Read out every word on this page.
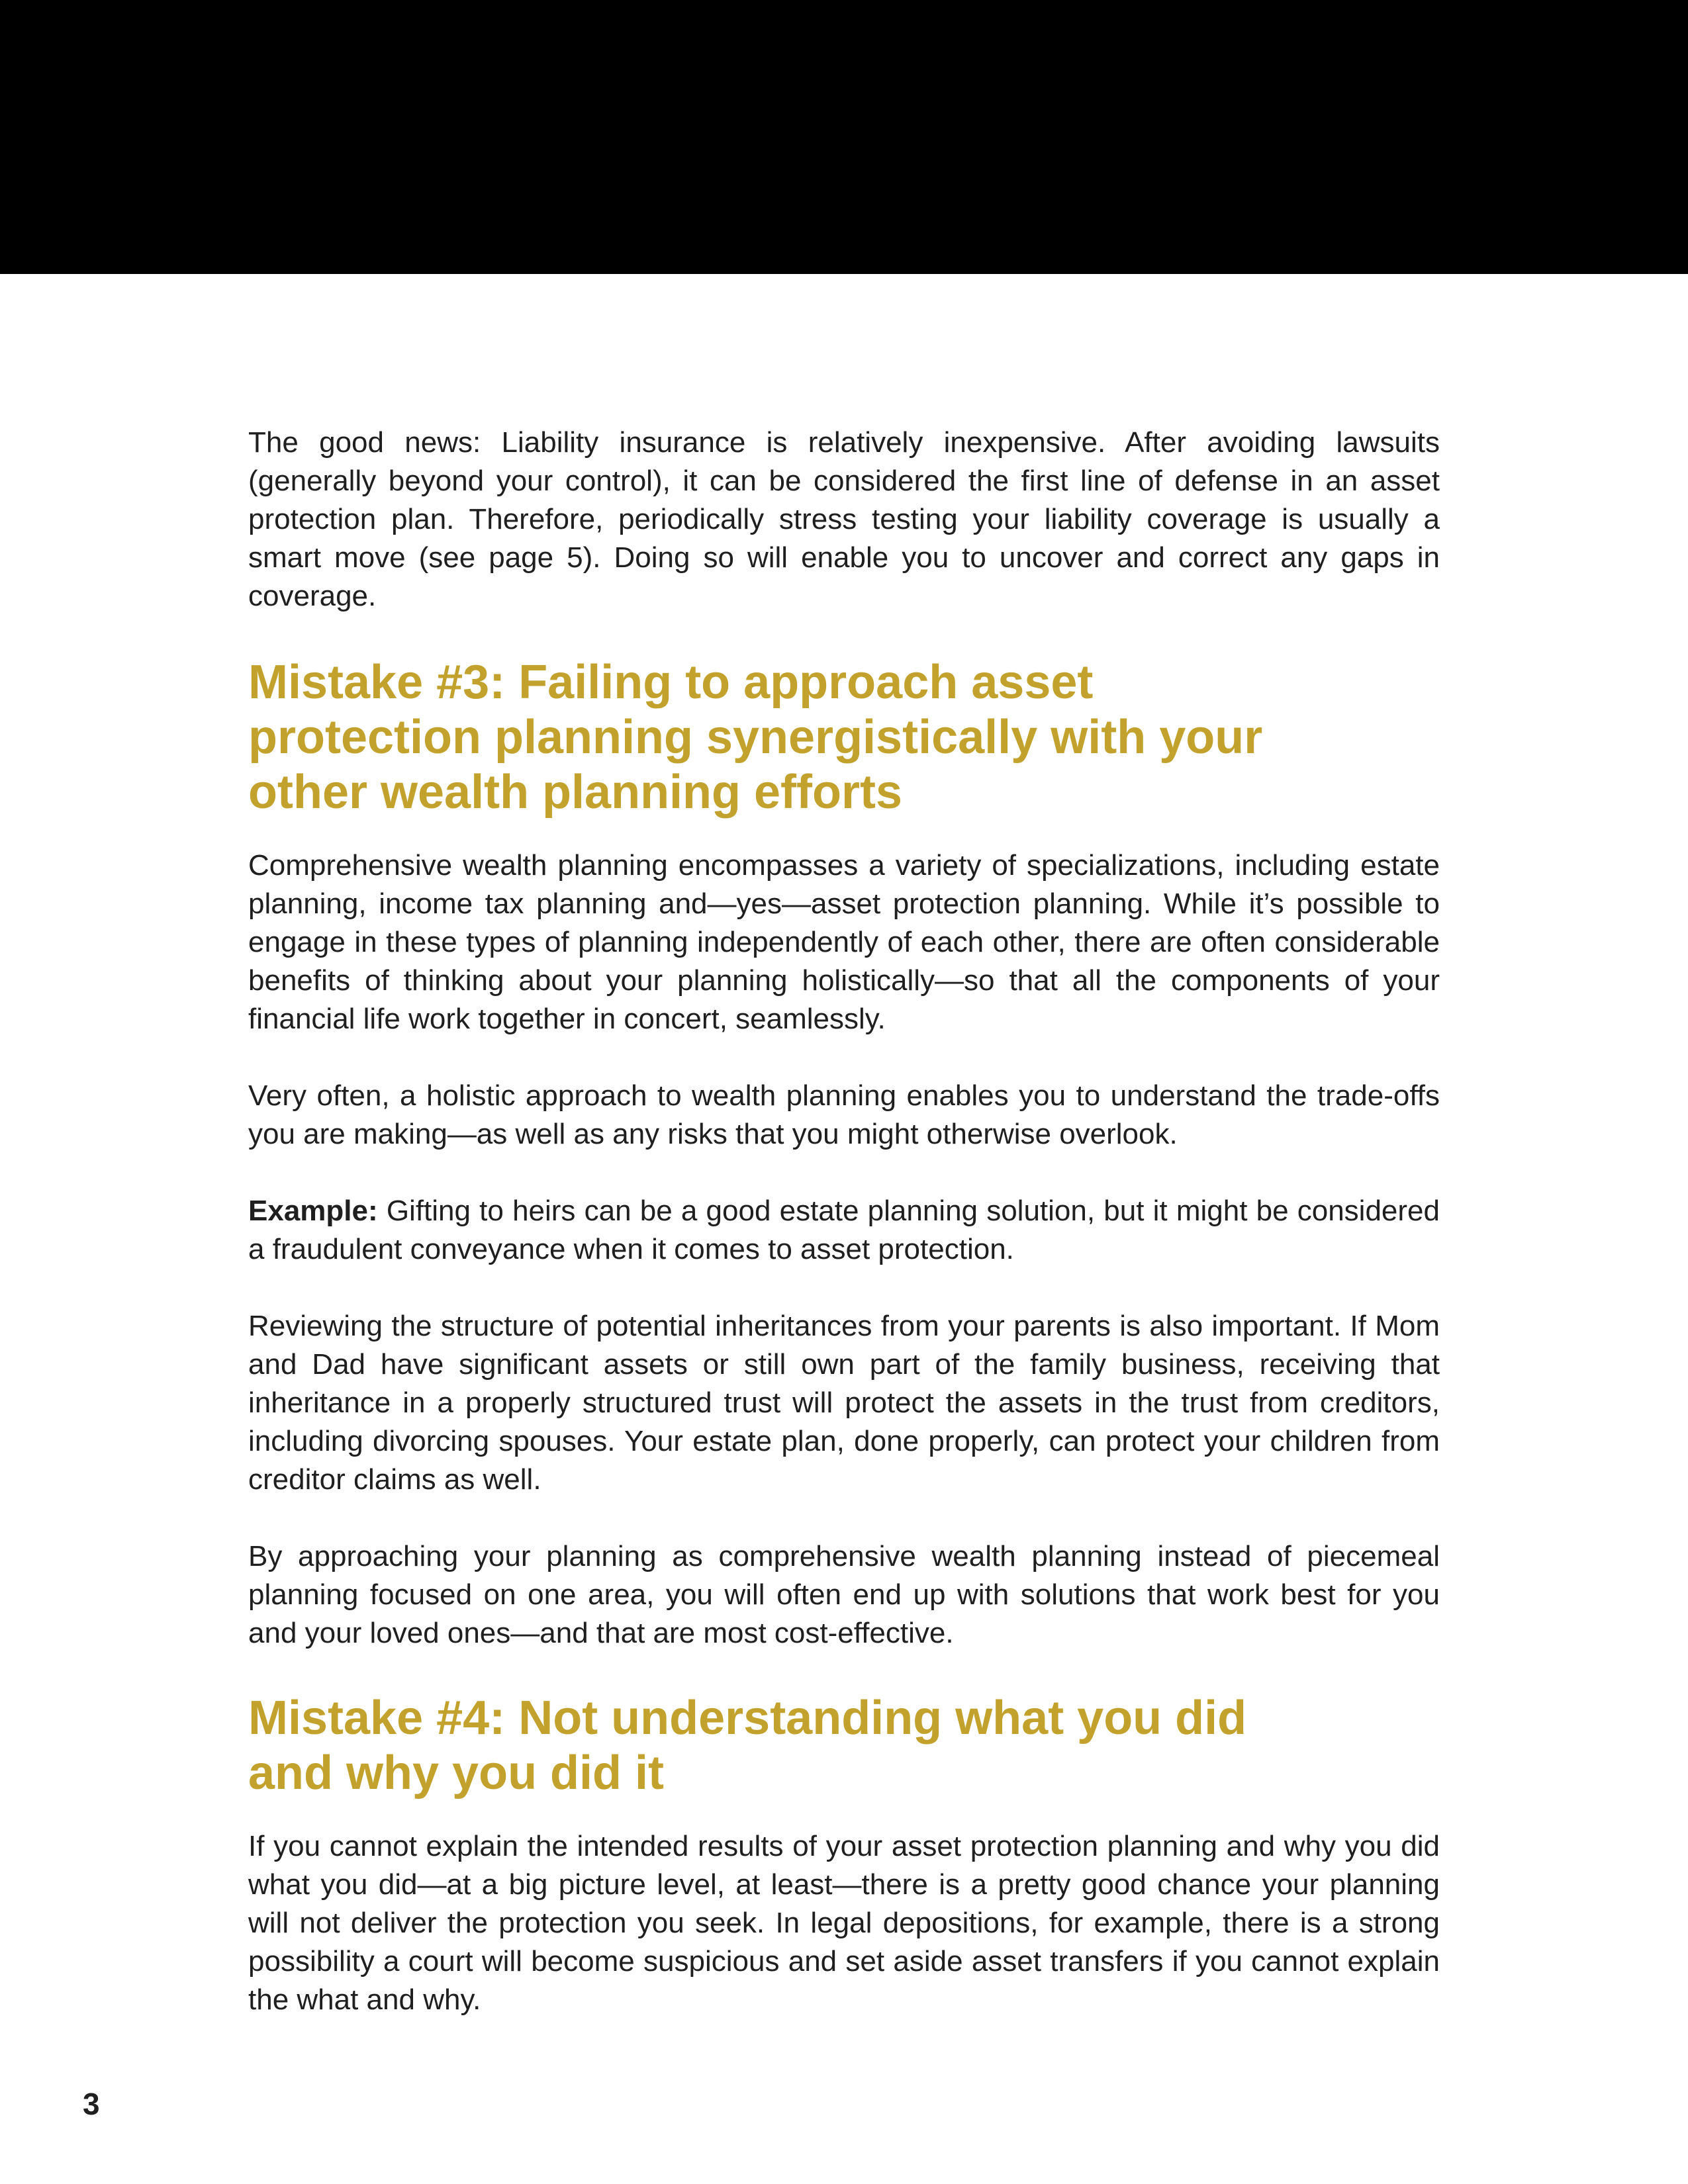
The good news: Liability insurance is relatively inexpensive. After avoiding lawsuits (generally beyond your control), it can be considered the first line of defense in an asset protection plan. Therefore, periodically stress testing your liability coverage is usually a smart move (see page 5). Doing so will enable you to uncover and correct any gaps in coverage.

Mistake #3: Failing to approach asset protection planning synergistically with your other wealth planning efforts

Comprehensive wealth planning encompasses a variety of specializations, including estate planning, income tax planning and—yes—asset protection planning. While it’s possible to engage in these types of planning independently of each other, there are often considerable benefits of thinking about your planning holistically—so that all the components of your financial life work together in concert, seamlessly.

Very often, a holistic approach to wealth planning enables you to understand the trade-offs you are making—as well as any risks that you might otherwise overlook.

Example: Gifting to heirs can be a good estate planning solution, but it might be considered a fraudulent conveyance when it comes to asset protection.

Reviewing the structure of potential inheritances from your parents is also important. If Mom and Dad have significant assets or still own part of the family business, receiving that inheritance in a properly structured trust will protect the assets in the trust from creditors, including divorcing spouses. Your estate plan, done properly, can protect your children from creditor claims as well.

By approaching your planning as comprehensive wealth planning instead of piecemeal planning focused on one area, you will often end up with solutions that work best for you and your loved ones—and that are most cost-effective.

Mistake #4: Not understanding what you did and why you did it

If you cannot explain the intended results of your asset protection planning and why you did what you did—at a big picture level, at least—there is a pretty good chance your planning will not deliver the protection you seek. In legal depositions, for example, there is a strong possibility a court will become suspicious and set aside asset transfers if you cannot explain the what and why.

3
